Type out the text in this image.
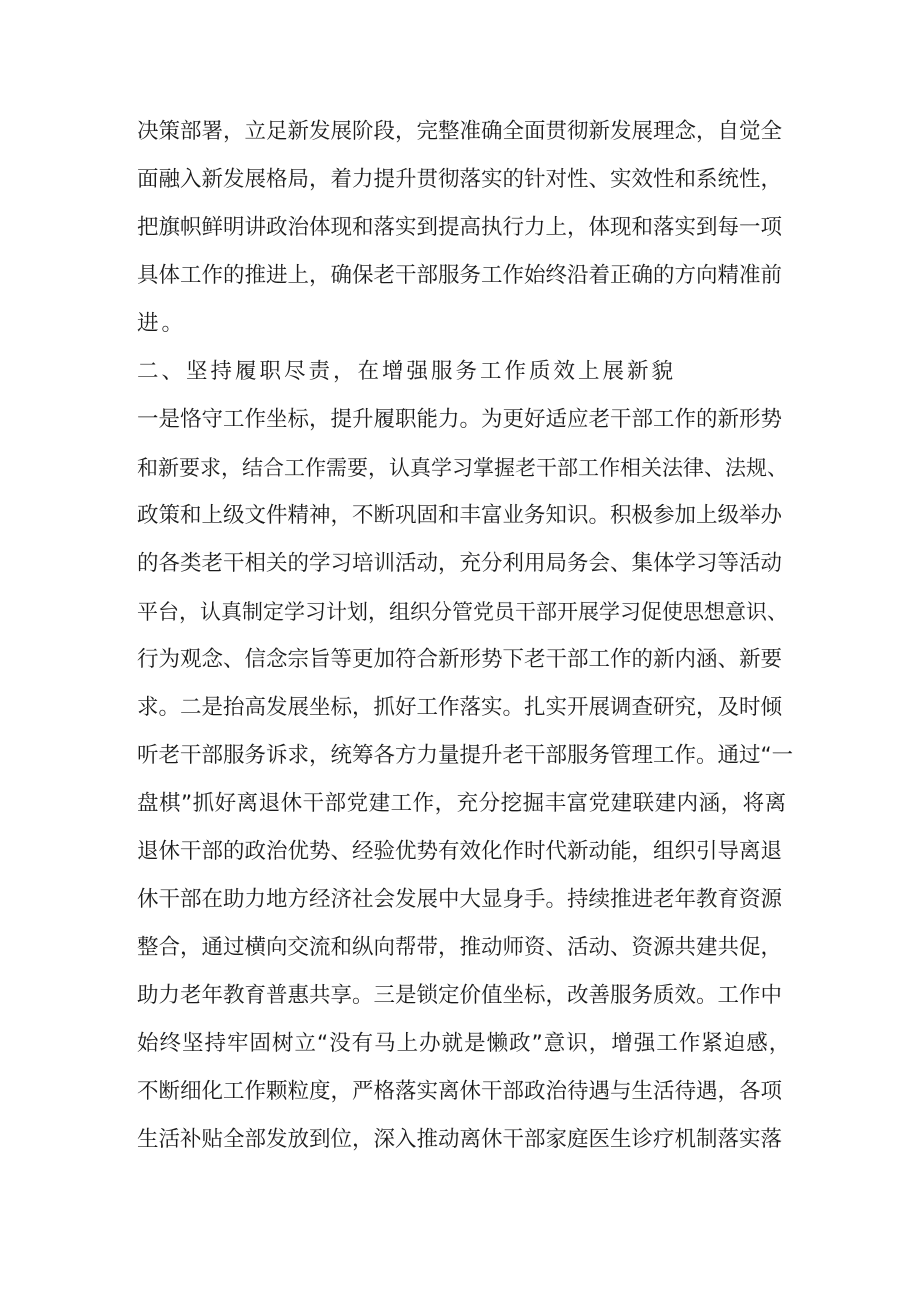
决策部署，立足新发展阶段，完整准确全面贯彻新发展理念，自觉全

面融入新发展格局，着力提升贯彻落实的针对性、实效性和系统性，

把旗帜鲜明讲政治体现和落实到提高执行力上，体现和落实到每一项

具体工作的推进上，确保老干部服务工作始终沿着正确的方向精准前

进。

二、坚持履职尽责，在增强服务工作质效上展新貌

一是恪守工作坐标，提升履职能力。为更好适应老干部工作的新形势

和新要求，结合工作需要，认真学习掌握老干部工作相关法律、法规、

政策和上级文件精神，不断巩固和丰富业务知识。积极参加上级举办

的各类老干相关的学习培训活动，充分利用局务会、集体学习等活动

平台，认真制定学习计划，组织分管党员干部开展学习促使思想意识、

行为观念、信念宗旨等更加符合新形势下老干部工作的新内涵、新要

求。二是抬高发展坐标，抓好工作落实。扎实开展调查研究，及时倾

听老干部服务诉求，统筹各方力量提升老干部服务管理工作。通过“一

盘棋”抓好离退休干部党建工作，充分挖掘丰富党建联建内涵，将离

退休干部的政治优势、经验优势有效化作时代新动能，组织引导离退

休干部在助力地方经济社会发展中大显身手。持续推进老年教育资源

整合，通过横向交流和纵向帮带，推动师资、活动、资源共建共促，

助力老年教育普惠共享。三是锁定价值坐标，改善服务质效。工作中

始终坚持牢固树立“没有马上办就是懒政”意识，增强工作紧迫感，

不断细化工作颗粒度，严格落实离休干部政治待遇与生活待遇，各项

生活补贴全部发放到位，深入推动离休干部家庭医生诊疗机制落实落
